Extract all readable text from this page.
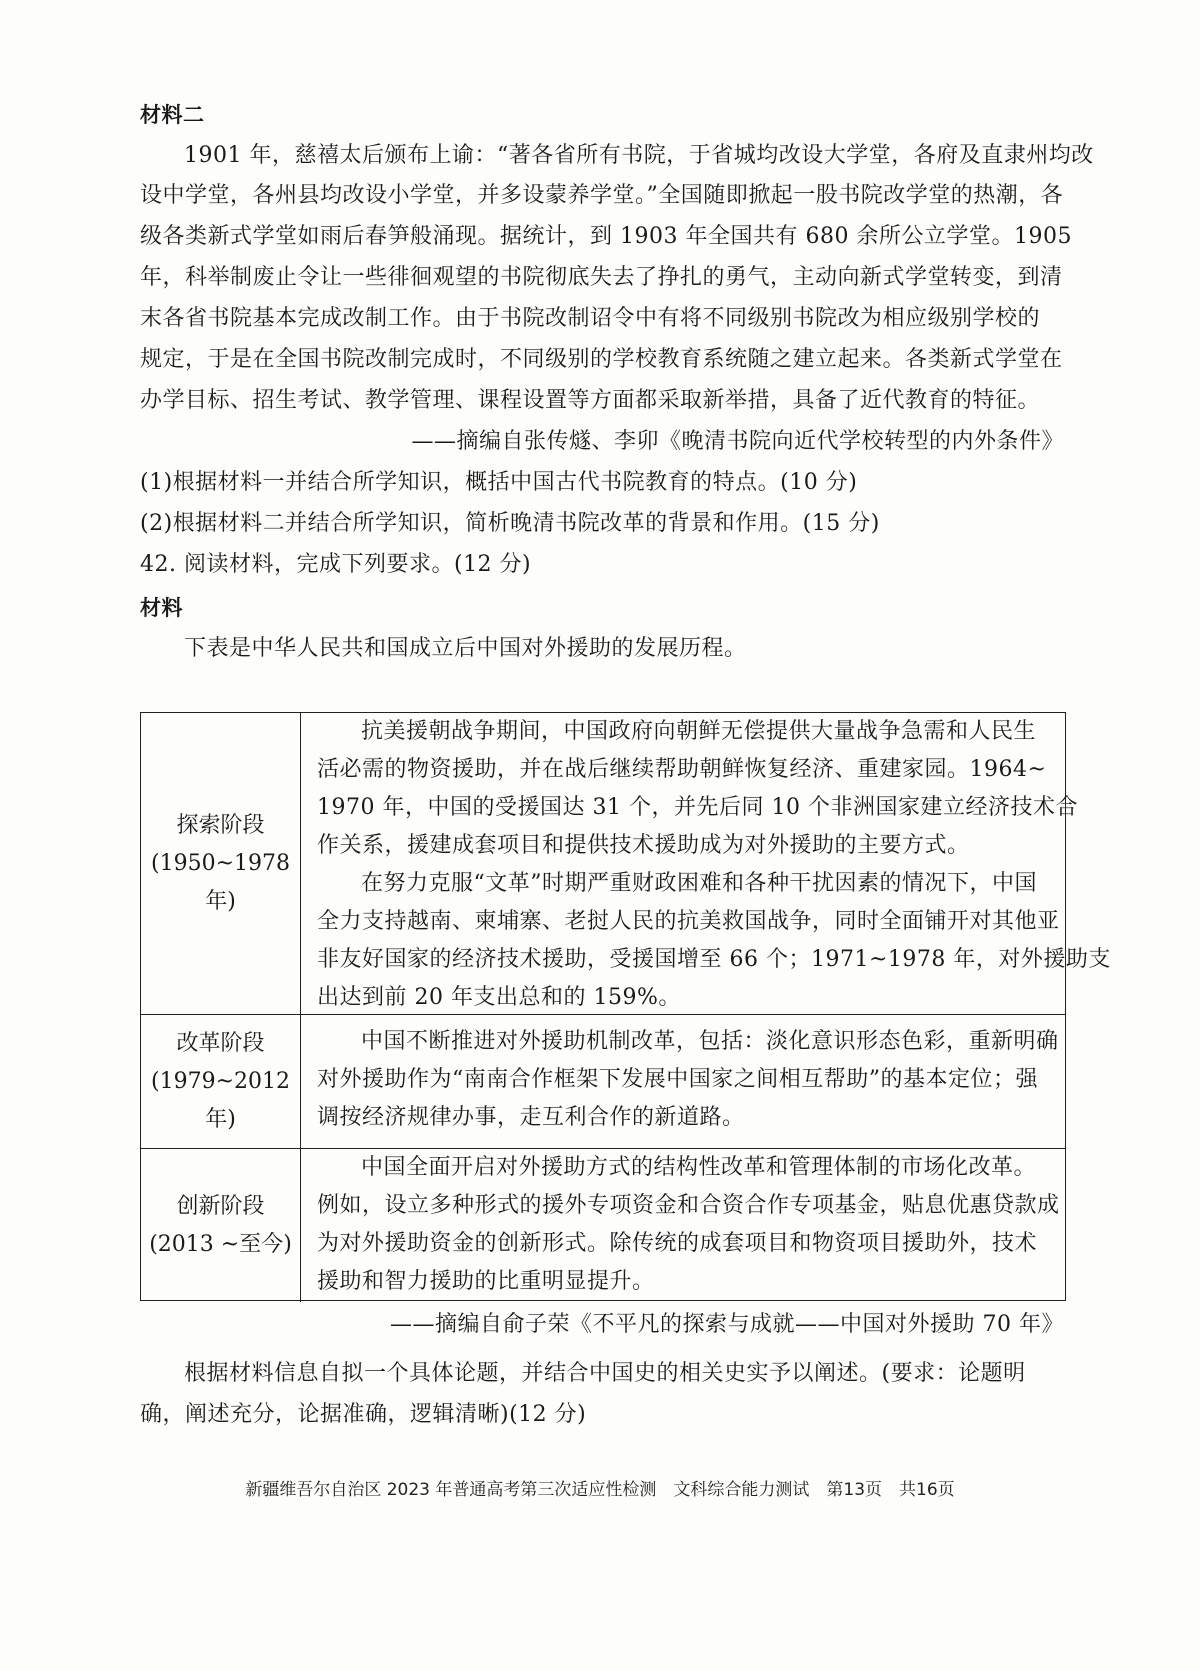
材料二
1901 年，慈禧太后颁布上谕：“著各省所有书院，于省城均改设大学堂，各府及直隶州均改
设中学堂，各州县均改设小学堂，并多设蒙养学堂。”全国随即掀起一股书院改学堂的热潮，各
级各类新式学堂如雨后春笋般涌现。据统计，到 1903 年全国共有 680 余所公立学堂。1905
年，科举制废止令让一些徘徊观望的书院彻底失去了挣扎的勇气，主动向新式学堂转变，到清
末各省书院基本完成改制工作。由于书院改制诏令中有将不同级别书院改为相应级别学校的
规定，于是在全国书院改制完成时，不同级别的学校教育系统随之建立起来。各类新式学堂在
办学目标、招生考试、教学管理、课程设置等方面都采取新举措，具备了近代教育的特征。
——摘编自张传燧、李卯《晚清书院向近代学校转型的内外条件》
(1)根据材料一并结合所学知识，概括中国古代书院教育的特点。(10 分)
(2)根据材料二并结合所学知识，简析晚清书院改革的背景和作用。(15 分)
42. 阅读材料，完成下列要求。(12 分)
材料
下表是中华人民共和国成立后中国对外援助的发展历程。
探索阶段
(1950~1978 年)
抗美援朝战争期间，中国政府向朝鲜无偿提供大量战争急需和人民生
活必需的物资援助，并在战后继续帮助朝鲜恢复经济、重建家园。1964~
1970 年，中国的受援国达 31 个，并先后同 10 个非洲国家建立经济技术合
作关系，援建成套项目和提供技术援助成为对外援助的主要方式。
在努力克服“文革”时期严重财政困难和各种干扰因素的情况下，中国
全力支持越南、柬埔寨、老挝人民的抗美救国战争，同时全面铺开对其他亚
非友好国家的经济技术援助，受援国增至 66 个；1971~1978 年，对外援助支
出达到前 20 年支出总和的 159%。
改革阶段
(1979~2012 年)
中国不断推进对外援助机制改革，包括：淡化意识形态色彩，重新明确
对外援助作为“南南合作框架下发展中国家之间相互帮助”的基本定位；强
调按经济规律办事，走互利合作的新道路。
创新阶段
(2013 ~至今)
中国全面开启对外援助方式的结构性改革和管理体制的市场化改革。
例如，设立多种形式的援外专项资金和合资合作专项基金，贴息优惠贷款成
为对外援助资金的创新形式。除传统的成套项目和物资项目援助外，技术
援助和智力援助的比重明显提升。
——摘编自俞子荣《不平凡的探索与成就——中国对外援助 70 年》
根据材料信息自拟一个具体论题，并结合中国史的相关史实予以阐述。(要求：论题明
确，阐述充分，论据准确，逻辑清晰)(12 分)
新疆维吾尔自治区 2023 年普通高考第三次适应性检测　文科综合能力测试　第13页　共16页
